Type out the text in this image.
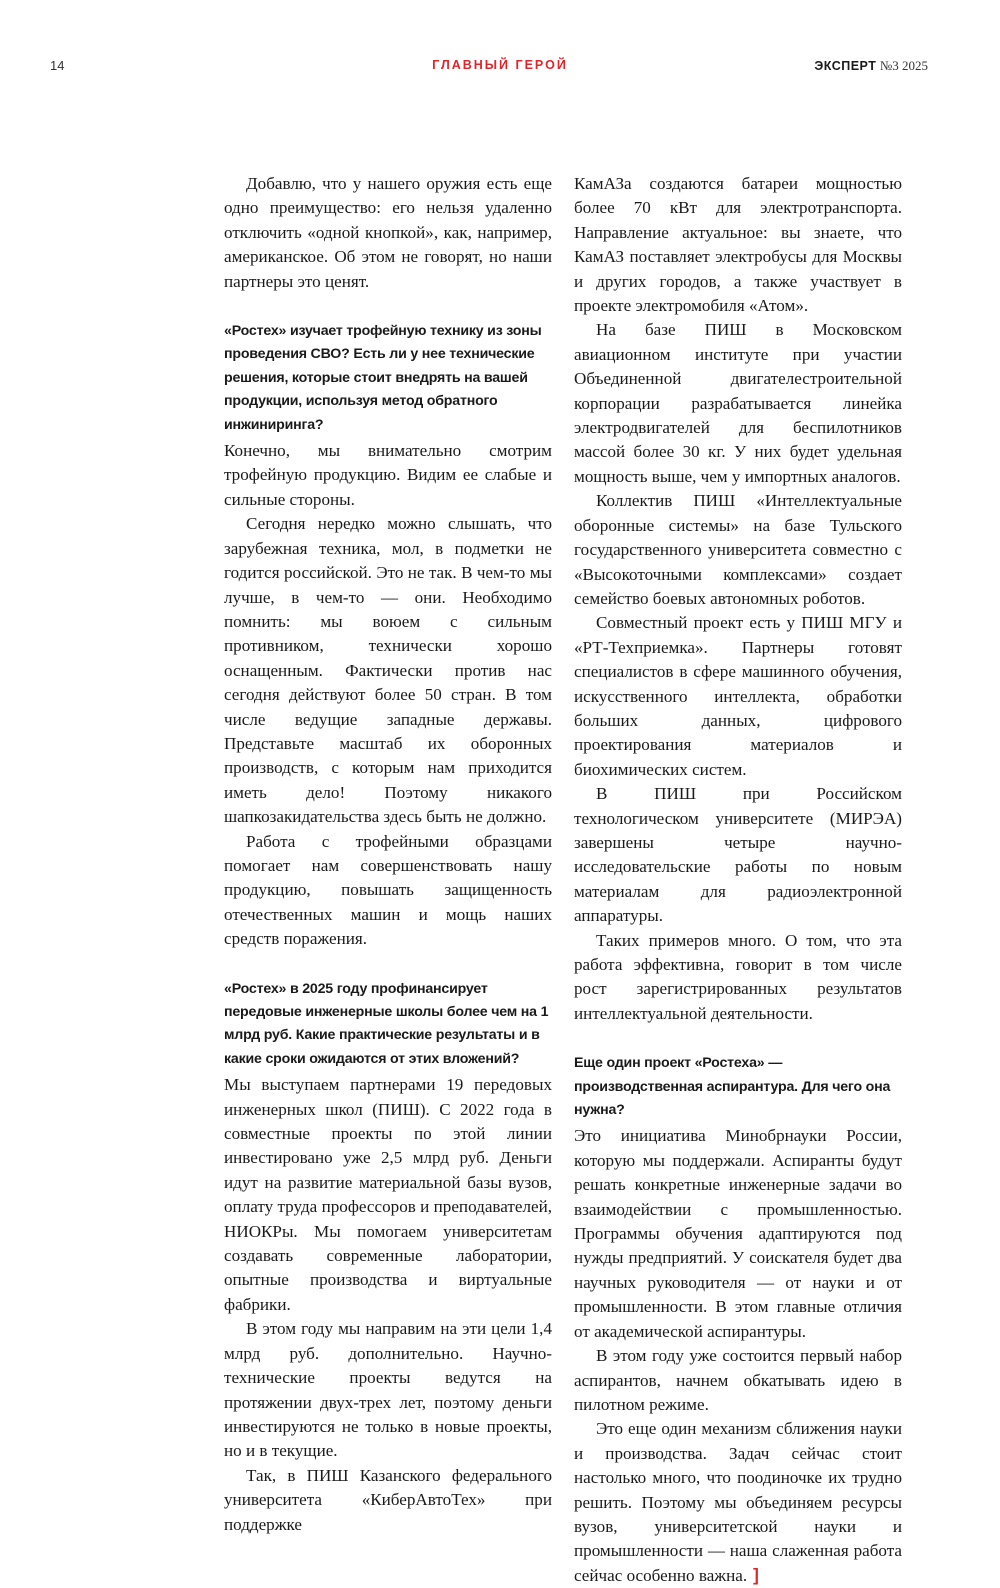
14	ГЛАВНЫЙ ГЕРОЙ	ЭКСПЕРТ №3 2025

Добавлю, что у нашего оружия есть еще одно преимущество: его нельзя удаленно отключить «одной кнопкой», как, например, американское. Об этом не говорят, но наши партнеры это ценят.

«Ростех» изучает трофейную технику из зоны проведения СВО? Есть ли у нее технические решения, которые стоит внедрять на вашей продукции, используя метод обратного инжиниринга?

Конечно, мы внимательно смотрим трофейную продукцию. Видим ее слабые и сильные стороны.

Сегодня нередко можно слышать, что зарубежная техника, мол, в подметки не годится российской. Это не так. В чем-то мы лучше, в чем-то — они. Необходимо помнить: мы воюем с сильным противником, технически хорошо оснащенным. Фактически против нас сегодня действуют более 50 стран. В том числе ведущие западные державы. Представьте масштаб их оборонных производств, с которым нам приходится иметь дело! Поэтому никакого шапкозакидательства здесь быть не должно.

Работа с трофейными образцами помогает нам совершенствовать нашу продукцию, повышать защищенность отечественных машин и мощь наших средств поражения.

«Ростех» в 2025 году профинансирует передовые инженерные школы более чем на 1 млрд руб. Какие практические результаты и в какие сроки ожидаются от этих вложений?

Мы выступаем партнерами 19 передовых инженерных школ (ПИШ). С 2022 года в совместные проекты по этой линии инвестировано уже 2,5 млрд руб. Деньги идут на развитие материальной базы вузов, оплату труда профессоров и преподавателей, НИОКРы. Мы помогаем университетам создавать современные лаборатории, опытные производства и виртуальные фабрики.

В этом году мы направим на эти цели 1,4 млрд руб. дополнительно. Научно-технические проекты ведутся на протяжении двух-трех лет, поэтому деньги инвестируются не только в новые проекты, но и в текущие.

Так, в ПИШ Казанского федерального университета «КиберАвтоТех» при поддержке

КамАЗа создаются батареи мощностью более 70 кВт для электротранспорта. Направление актуальное: вы знаете, что КамАЗ поставляет электробусы для Москвы и других городов, а также участвует в проекте электромобиля «Атом».

На базе ПИШ в Московском авиационном институте при участии Объединенной двигателестроительной корпорации разрабатывается линейка электродвигателей для беспилотников массой более 30 кг. У них будет удельная мощность выше, чем у импортных аналогов.

Коллектив ПИШ «Интеллектуальные оборонные системы» на базе Тульского государственного университета совместно с «Высокоточными комплексами» создает семейство боевых автономных роботов.

Совместный проект есть у ПИШ МГУ и «РТ-Техприемка». Партнеры готовят специалистов в сфере машинного обучения, искусственного интеллекта, обработки больших данных, цифрового проектирования материалов и биохимических систем.

В ПИШ при Российском технологическом университете (МИРЭА) завершены четыре научно-исследовательские работы по новым материалам для радиоэлектронной аппаратуры.

Таких примеров много. О том, что эта работа эффективна, говорит в том числе рост зарегистрированных результатов интеллектуальной деятельности.

Еще один проект «Ростеха» — производственная аспирантура. Для чего она нужна?

Это инициатива Минобрнауки России, которую мы поддержали. Аспиранты будут решать конкретные инженерные задачи во взаимодействии с промышленностью. Программы обучения адаптируются под нужды предприятий. У соискателя будет два научных руководителя — от науки и от промышленности. В этом главные отличия от академической аспирантуры.

В этом году уже состоится первый набор аспирантов, начнем обкатывать идею в пилотном режиме.

Это еще один механизм сближения науки и производства. Задач сейчас стоит настолько много, что поодиночке их трудно решить. Поэтому мы объединяем ресурсы вузов, университетской науки и промышленности — наша слаженная работа сейчас особенно важна. ]
